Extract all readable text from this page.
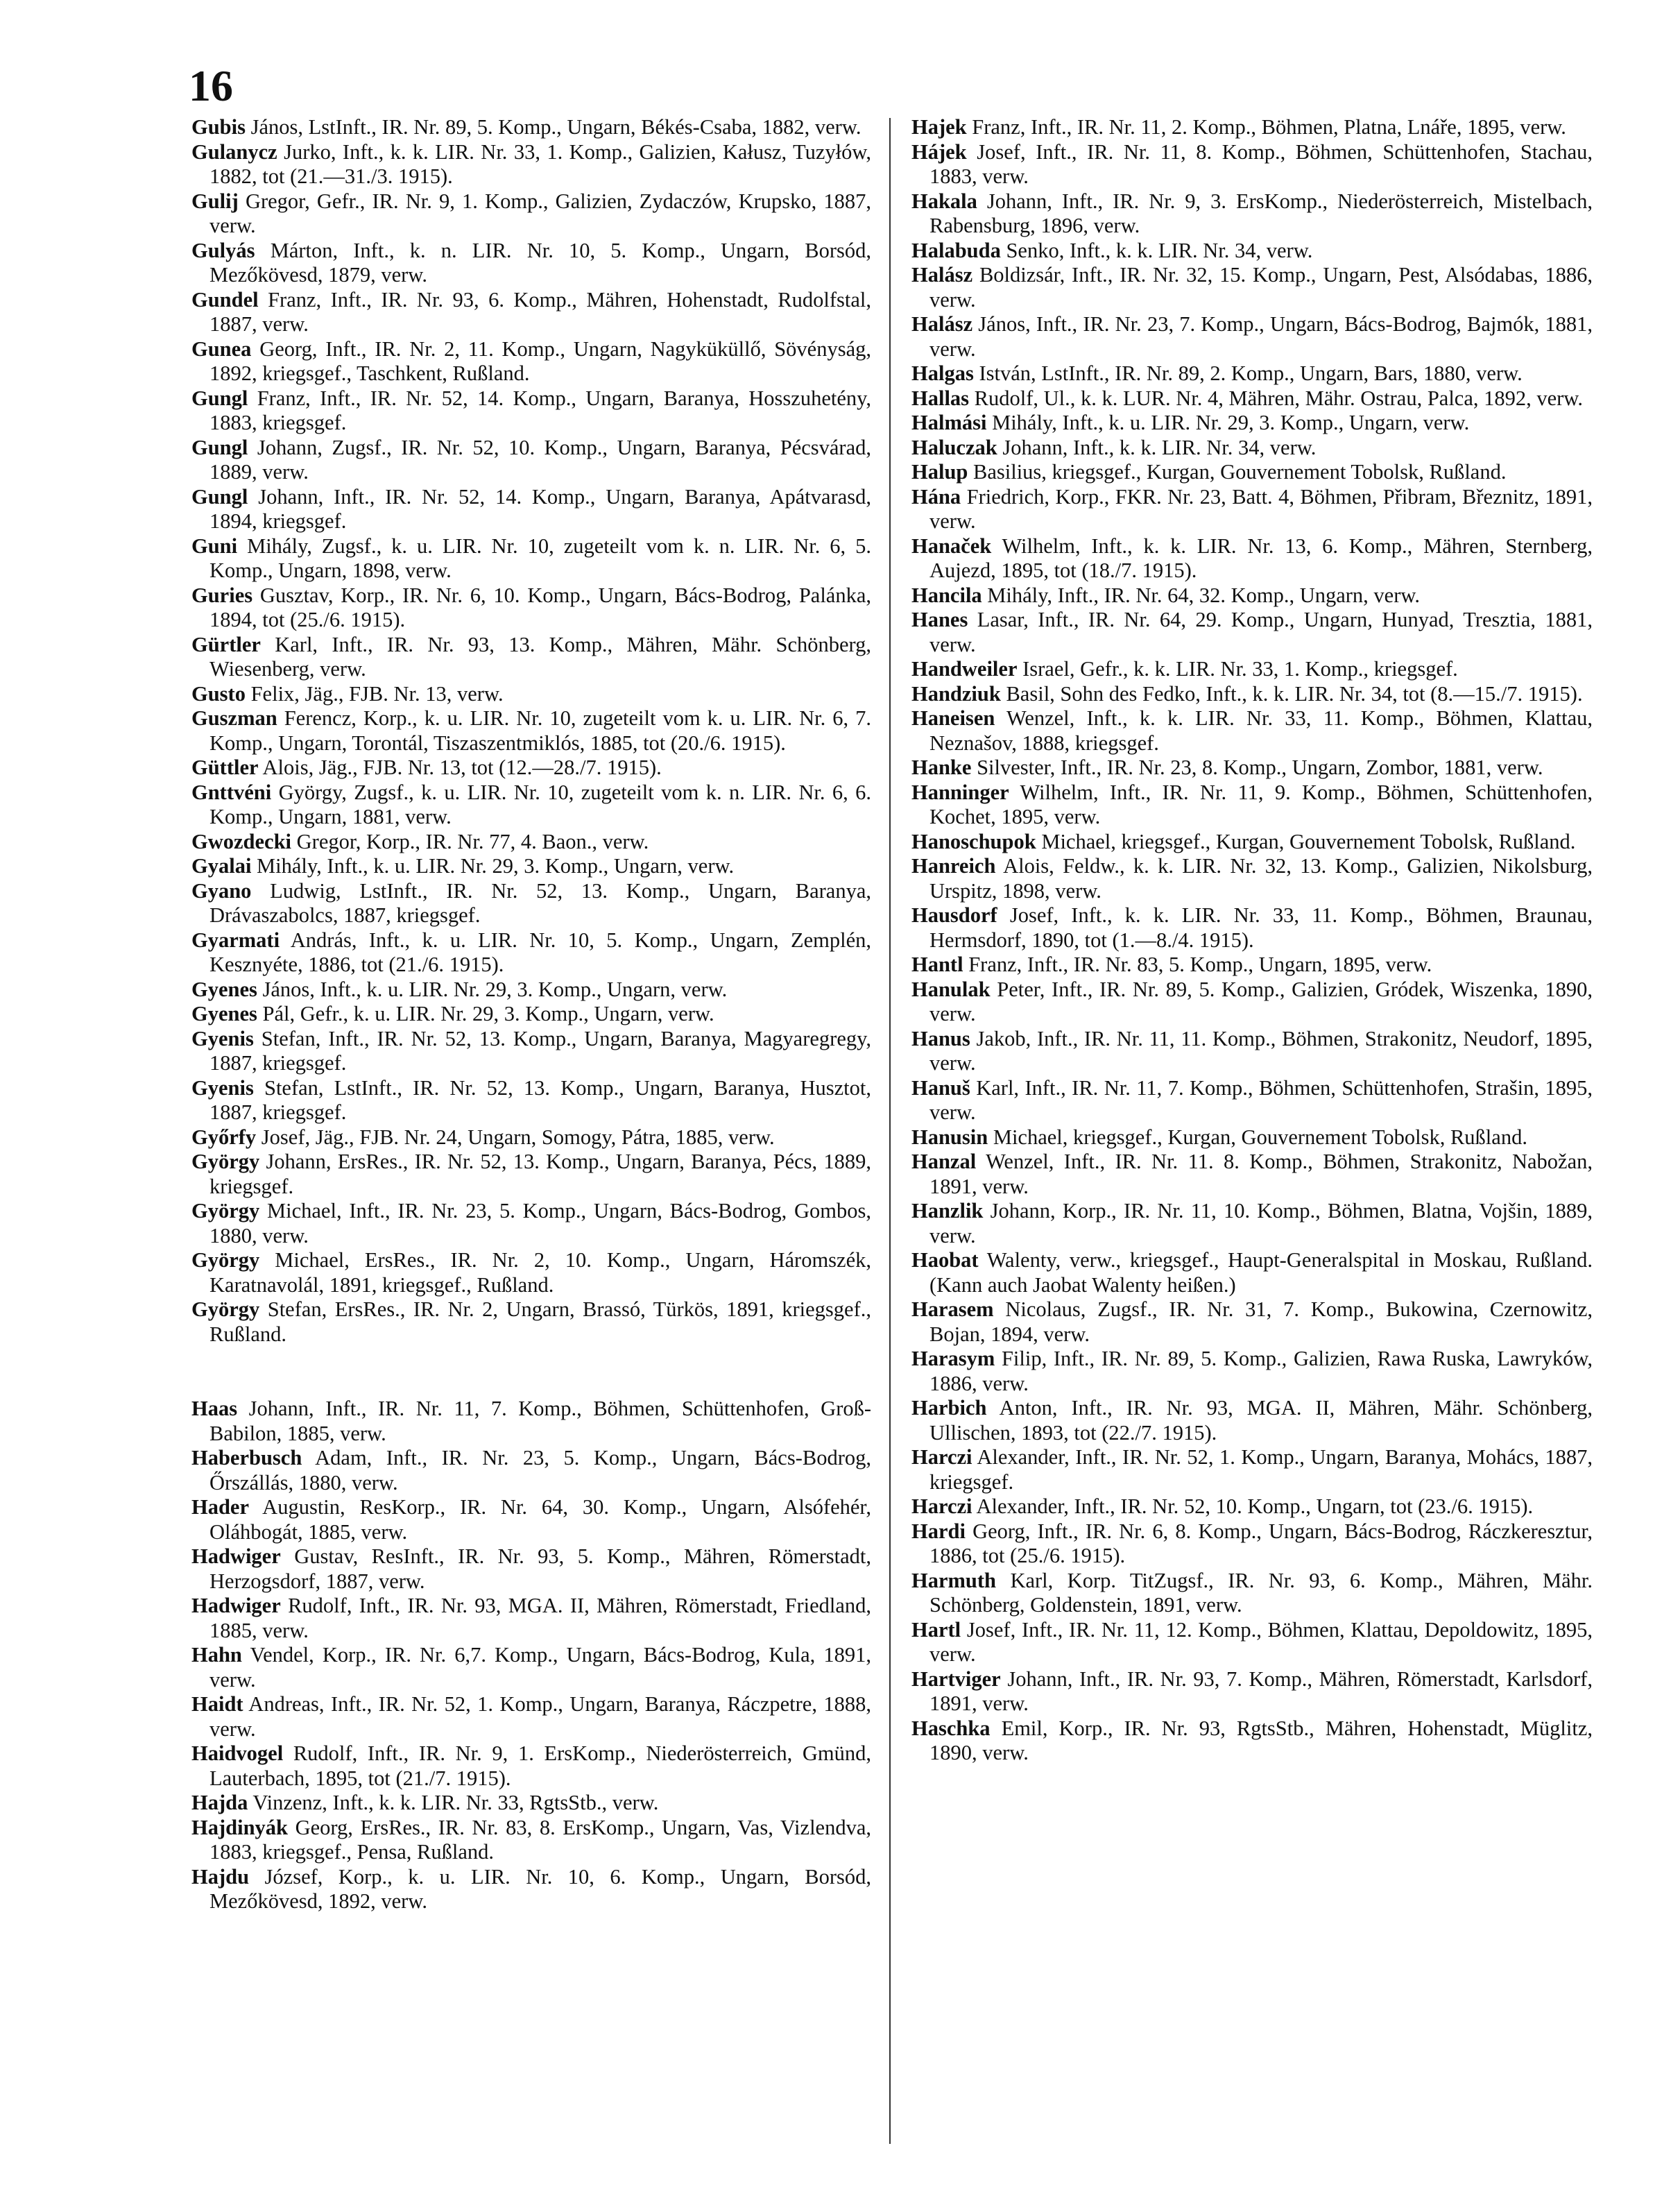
16

Gubis János, LstInft., IR. Nr. 89, 5. Komp., Ungarn, Békés-Csaba, 1882, verw.

Gulanycz Jurko, Inft., k. k. LIR. Nr. 33, 1. Komp., Galizien, Kałusz, Tuzyłów, 1882, tot (21.—31./3. 1915).

Gulij Gregor, Gefr., IR. Nr. 9, 1. Komp., Galizien, Zydaczów, Krupsko, 1887, verw.

Gulyás Márton, Inft., k. n. LIR. Nr. 10, 5. Komp., Ungarn, Borsód, Mezőkövesd, 1879, verw.

Gundel Franz, Inft., IR. Nr. 93, 6. Komp., Mähren, Hohenstadt, Rudolfstal, 1887, verw.

Gunea Georg, Inft., IR. Nr. 2, 11. Komp., Ungarn, Nagyküküllő, Sövényság, 1892, kriegsgef., Taschkent, Rußland.

Gungl Franz, Inft., IR. Nr. 52, 14. Komp., Ungarn, Baranya, Hosszuhetény, 1883, kriegsgef.

Gungl Johann, Zugsf., IR. Nr. 52, 10. Komp., Ungarn, Baranya, Pécsvárad, 1889, verw.

Gungl Johann, Inft., IR. Nr. 52, 14. Komp., Ungarn, Baranya, Apátvarasd, 1894, kriegsgef.

Guni Mihály, Zugsf., k. u. LIR. Nr. 10, zugeteilt vom k. n. LIR. Nr. 6, 5. Komp., Ungarn, 1898, verw.

Guries Gusztav, Korp., IR. Nr. 6, 10. Komp., Ungarn, Bács-Bodrog, Palánka, 1894, tot (25./6. 1915).

Gürtler Karl, Inft., IR. Nr. 93, 13. Komp., Mähren, Mähr. Schönberg, Wiesenberg, verw.

Gusto Felix, Jäg., FJB. Nr. 13, verw.

Guszman Ferencz, Korp., k. u. LIR. Nr. 10, zugeteilt vom k. u. LIR. Nr. 6, 7. Komp., Ungarn, Torontál, Tiszaszentmiklós, 1885, tot (20./6. 1915).

Güttler Alois, Jäg., FJB. Nr. 13, tot (12.—28./7. 1915).

Gnttvéni György, Zugsf., k. u. LIR. Nr. 10, zugeteilt vom k. n. LIR. Nr. 6, 6. Komp., Ungarn, 1881, verw.

Gwozdecki Gregor, Korp., IR. Nr. 77, 4. Baon., verw.

Gyalai Mihály, Inft., k. u. LIR. Nr. 29, 3. Komp., Ungarn, verw.

Gyano Ludwig, LstInft., IR. Nr. 52, 13. Komp., Ungarn, Baranya, Drávaszabolcs, 1887, kriegsgef.

Gyarmati András, Inft., k. u. LIR. Nr. 10, 5. Komp., Ungarn, Zemplén, Kesznyéte, 1886, tot (21./6. 1915).

Gyenes János, Inft., k. u. LIR. Nr. 29, 3. Komp., Ungarn, verw.

Gyenes Pál, Gefr., k. u. LIR. Nr. 29, 3. Komp., Ungarn, verw.

Gyenis Stefan, Inft., IR. Nr. 52, 13. Komp., Ungarn, Baranya, Magyaregregy, 1887, kriegsgef.

Gyenis Stefan, LstInft., IR. Nr. 52, 13. Komp., Ungarn, Baranya, Husztot, 1887, kriegsgef.

Győrfy Josef, Jäg., FJB. Nr. 24, Ungarn, Somogy, Pátra, 1885, verw.

György Johann, ErsRes., IR. Nr. 52, 13. Komp., Ungarn, Baranya, Pécs, 1889, kriegsgef.

György Michael, Inft., IR. Nr. 23, 5. Komp., Ungarn, Bács-Bodrog, Gombos, 1880, verw.

György Michael, ErsRes., IR. Nr. 2, 10. Komp., Ungarn, Háromszék, Karatnavolál, 1891, kriegsgef., Rußland.

György Stefan, ErsRes., IR. Nr. 2, Ungarn, Brassó, Türkös, 1891, kriegsgef., Rußland.

Haas Johann, Inft., IR. Nr. 11, 7. Komp., Böhmen, Schüttenhofen, Groß-Babilon, 1885, verw.

Haberbusch Adam, Inft., IR. Nr. 23, 5. Komp., Ungarn, Bács-Bodrog, Őrszállás, 1880, verw.

Hader Augustin, ResKorp., IR. Nr. 64, 30. Komp., Ungarn, Alsófehér, Oláhbogát, 1885, verw.

Hadwiger Gustav, ResInft., IR. Nr. 93, 5. Komp., Mähren, Römerstadt, Herzogsdorf, 1887, verw.

Hadwiger Rudolf, Inft., IR. Nr. 93, MGA. II, Mähren, Römerstadt, Friedland, 1885, verw.

Hahn Vendel, Korp., IR. Nr. 6,7. Komp., Ungarn, Bács-Bodrog, Kula, 1891, verw.

Haidt Andreas, Inft., IR. Nr. 52, 1. Komp., Ungarn, Baranya, Ráczpetre, 1888, verw.

Haidvogel Rudolf, Inft., IR. Nr. 9, 1. ErsKomp., Niederösterreich, Gmünd, Lauterbach, 1895, tot (21./7. 1915).

Hajda Vinzenz, Inft., k. k. LIR. Nr. 33, RgtsStb., verw.

Hajdinyák Georg, ErsRes., IR. Nr. 83, 8. ErsKomp., Ungarn, Vas, Vizlendva, 1883, kriegsgef., Pensa, Rußland.

Hajdu József, Korp., k. u. LIR. Nr. 10, 6. Komp., Ungarn, Borsód, Mezőkövesd, 1892, verw.

Hajek Franz, Inft., IR. Nr. 11, 2. Komp., Böhmen, Platna, Lnáře, 1895, verw.

Hájek Josef, Inft., IR. Nr. 11, 8. Komp., Böhmen, Schüttenhofen, Stachau, 1883, verw.

Hakala Johann, Inft., IR. Nr. 9, 3. ErsKomp., Niederösterreich, Mistelbach, Rabensburg, 1896, verw.

Halabuda Senko, Inft., k. k. LIR. Nr. 34, verw.

Halász Boldizsár, Inft., IR. Nr. 32, 15. Komp., Ungarn, Pest, Alsódabas, 1886, verw.

Halász János, Inft., IR. Nr. 23, 7. Komp., Ungarn, Bács-Bodrog, Bajmók, 1881, verw.

Halgas István, LstInft., IR. Nr. 89, 2. Komp., Ungarn, Bars, 1880, verw.

Hallas Rudolf, Ul., k. k. LUR. Nr. 4, Mähren, Mähr. Ostrau, Palca, 1892, verw.

Halmási Mihály, Inft., k. u. LIR. Nr. 29, 3. Komp., Ungarn, verw.

Haluczak Johann, Inft., k. k. LIR. Nr. 34, verw.

Halup Basilius, kriegsgef., Kurgan, Gouvernement Tobolsk, Rußland.

Hána Friedrich, Korp., FKR. Nr. 23, Batt. 4, Böhmen, Přibram, Březnitz, 1891, verw.

Hanaček Wilhelm, Inft., k. k. LIR. Nr. 13, 6. Komp., Mähren, Sternberg, Aujezd, 1895, tot (18./7. 1915).

Hancila Mihály, Inft., IR. Nr. 64, 32. Komp., Ungarn, verw.

Hanes Lasar, Inft., IR. Nr. 64, 29. Komp., Ungarn, Hunyad, Tresztia, 1881, verw.

Handweiler Israel, Gefr., k. k. LIR. Nr. 33, 1. Komp., kriegsgef.

Handziuk Basil, Sohn des Fedko, Inft., k. k. LIR. Nr. 34, tot (8.—15./7. 1915).

Haneisen Wenzel, Inft., k. k. LIR. Nr. 33, 11. Komp., Böhmen, Klattau, Neznašov, 1888, kriegsgef.

Hanke Silvester, Inft., IR. Nr. 23, 8. Komp., Ungarn, Zombor, 1881, verw.

Hanninger Wilhelm, Inft., IR. Nr. 11, 9. Komp., Böhmen, Schüttenhofen, Kochet, 1895, verw.

Hanoschupok Michael, kriegsgef., Kurgan, Gouvernement Tobolsk, Rußland.

Hanreich Alois, Feldw., k. k. LIR. Nr. 32, 13. Komp., Galizien, Nikolsburg, Urspitz, 1898, verw.

Hausdorf Josef, Inft., k. k. LIR. Nr. 33, 11. Komp., Böhmen, Braunau, Hermsdorf, 1890, tot (1.—8./4. 1915).

Hantl Franz, Inft., IR. Nr. 83, 5. Komp., Ungarn, 1895, verw.

Hanulak Peter, Inft., IR. Nr. 89, 5. Komp., Galizien, Gródek, Wiszenka, 1890, verw.

Hanus Jakob, Inft., IR. Nr. 11, 11. Komp., Böhmen, Strakonitz, Neudorf, 1895, verw.

Hanuš Karl, Inft., IR. Nr. 11, 7. Komp., Böhmen, Schüttenhofen, Strašin, 1895, verw.

Hanusin Michael, kriegsgef., Kurgan, Gouvernement Tobolsk, Rußland.

Hanzal Wenzel, Inft., IR. Nr. 11. 8. Komp., Böhmen, Strakonitz, Nabožan, 1891, verw.

Hanzlik Johann, Korp., IR. Nr. 11, 10. Komp., Böhmen, Blatna, Vojšin, 1889, verw.

Haobat Walenty, verw., kriegsgef., Haupt-Generalspital in Moskau, Rußland. (Kann auch Jaobat Walenty heißen.)

Harasem Nicolaus, Zugsf., IR. Nr. 31, 7. Komp., Bukowina, Czernowitz, Bojan, 1894, verw.

Harasym Filip, Inft., IR. Nr. 89, 5. Komp., Galizien, Rawa Ruska, Lawryków, 1886, verw.

Harbich Anton, Inft., IR. Nr. 93, MGA. II, Mähren, Mähr. Schönberg, Ullischen, 1893, tot (22./7. 1915).

Harczi Alexander, Inft., IR. Nr. 52, 1. Komp., Ungarn, Baranya, Mohács, 1887, kriegsgef.

Harczi Alexander, Inft., IR. Nr. 52, 10. Komp., Ungarn, tot (23./6. 1915).

Hardi Georg, Inft., IR. Nr. 6, 8. Komp., Ungarn, Bács-Bodrog, Ráczkeresztur, 1886, tot (25./6. 1915).

Harmuth Karl, Korp. TitZugsf., IR. Nr. 93, 6. Komp., Mähren, Mähr. Schönberg, Goldenstein, 1891, verw.

Hartl Josef, Inft., IR. Nr. 11, 12. Komp., Böhmen, Klattau, Depoldowitz, 1895, verw.

Hartviger Johann, Inft., IR. Nr. 93, 7. Komp., Mähren, Römerstadt, Karlsdorf, 1891, verw.

Haschka Emil, Korp., IR. Nr. 93, RgtsStb., Mähren, Hohenstadt, Müglitz, 1890, verw.
